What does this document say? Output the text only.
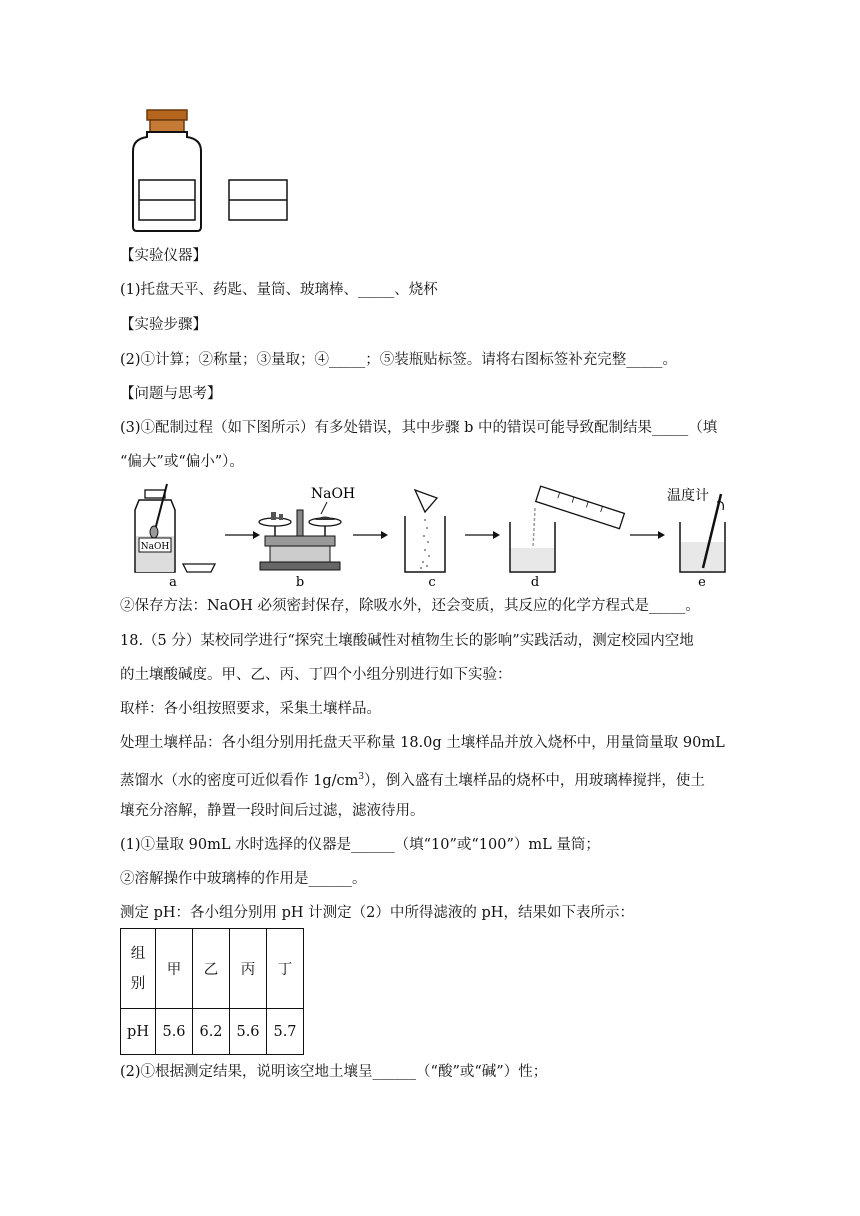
【实验仪器】
(1)托盘天平、药匙、量筒、玻璃棒、_____、烧杯
【实验步骤】
(2)①计算；②称量；③量取；④_____；⑤装瓶贴标签。请将右图标签补充完整_____。
【问题与思考】
(3)①配制过程（如下图所示）有多处错误，其中步骤 b 中的错误可能导致配制结果_____（填
“偏大”或“偏小”）。
NaOH
a
NaOH
b	c	d
温度计
e
②保存方法：NaOH 必须密封保存，除吸水外，还会变质，其反应的化学方程式是_____。
18.（5 分）某校同学进行“探究土壤酸碱性对植物生长的影响”实践活动，测定校园内空地
的土壤酸碱度。甲、乙、丙、丁四个小组分别进行如下实验：
取样：各小组按照要求，采集土壤样品。
处理土壤样品：各小组分别用托盘天平称量 18.0g 土壤样品并放入烧杯中，用量筒量取 90mL
蒸馏水（水的密度可近似看作 $1g/cm^3$），倒入盛有土壤样品的烧杯中，用玻璃棒搅拌，使土
壤充分溶解，静置一段时间后过滤，滤液待用。
(1)①量取 90mL 水时选择的仪器是______（填“10”或“100”）mL 量筒；
②溶解操作中玻璃棒的作用是______。
测定 pH：各小组分别用 pH 计测定（2）中所得滤液的 pH，结果如下表所示：
组
别	甲	乙	丙	丁
pH	5.6	6.2	5.6	5.7
(2)①根据测定结果，说明该空地土壤呈______（“酸”或“碱”）性；
